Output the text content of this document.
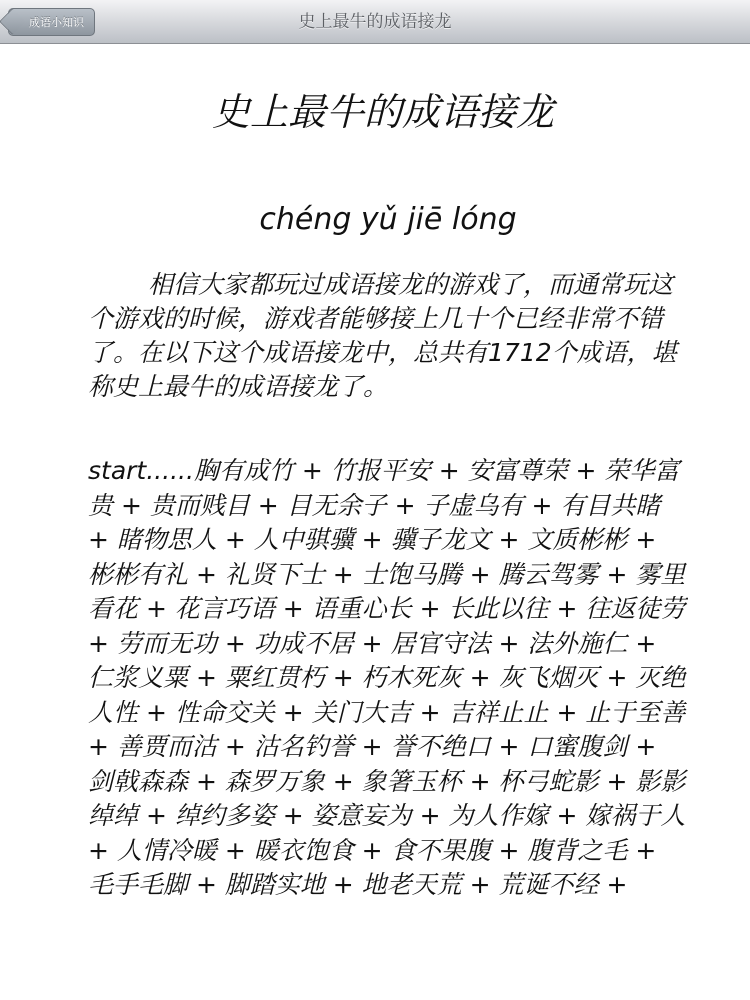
成语小知识	史上最牛的成语接龙
史上最牛的成语接龙
chéng yǔ jiē lóng

相信大家都玩过成语接龙的游戏了，而通常玩这个游戏的时候，游戏者能够接上几十个已经非常不错了。在以下这个成语接龙中，总共有1712个成语，堪称史上最牛的成语接龙了。

start......胸有成竹 + 竹报平安 + 安富尊荣 + 荣华富贵 + 贵而贱目 + 目无余子 + 子虚乌有 + 有目共睹 + 睹物思人 + 人中骐骥 + 骥子龙文 + 文质彬彬 + 彬彬有礼 + 礼贤下士 + 士饱马腾 + 腾云驾雾 + 雾里看花 + 花言巧语 + 语重心长 + 长此以往 + 往返徒劳 + 劳而无功 + 功成不居 + 居官守法 + 法外施仁 + 仁浆义粟 + 粟红贯朽 + 朽木死灰 + 灰飞烟灭 + 灭绝人性 + 性命交关 + 关门大吉 + 吉祥止止 + 止于至善 + 善贾而沽 + 沽名钓誉 + 誉不绝口 + 口蜜腹剑 + 剑戟森森 + 森罗万象 + 象箸玉杯 + 杯弓蛇影 + 影影绰绰 + 绰约多姿 + 姿意妄为 + 为人作嫁 + 嫁祸于人 + 人情冷暖 + 暖衣饱食 + 食不果腹 + 腹背之毛 + 毛手毛脚 + 脚踏实地 + 地老天荒 + 荒诞不经 +
